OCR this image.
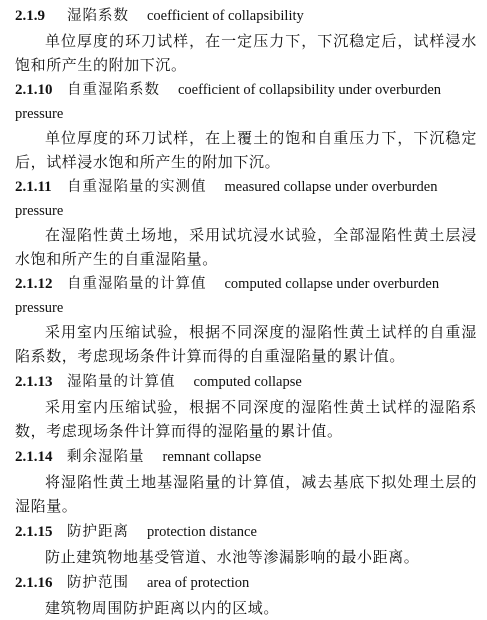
2.1.9 湿陷系数 coefficient of collapsibility

单位厚度的环刀试样，在一定压力下，下沉稳定后，试样浸水饱和所产生的附加下沉。

2.1.10 自重湿陷系数 coefficient of collapsibility under overburden pressure

单位厚度的环刀试样，在上覆土的饱和自重压力下，下沉稳定后，试样浸水饱和所产生的附加下沉。

2.1.11 自重湿陷量的实测值 measured collapse under overburden pressure

在湿陷性黄土场地，采用试坑浸水试验，全部湿陷性黄土层浸水饱和所产生的自重湿陷量。

2.1.12 自重湿陷量的计算值 computed collapse under overburden pressure

采用室内压缩试验，根据不同深度的湿陷性黄土试样的自重湿陷系数，考虑现场条件计算而得的自重湿陷量的累计值。

2.1.13 湿陷量的计算值 computed collapse

采用室内压缩试验，根据不同深度的湿陷性黄土试样的湿陷系数，考虑现场条件计算而得的湿陷量的累计值。

2.1.14 剩余湿陷量 remnant collapse

将湿陷性黄土地基湿陷量的计算值，减去基底下拟处理土层的湿陷量。

2.1.15 防护距离 protection distance

防止建筑物地基受管道、水池等渗漏影响的最小距离。

2.1.16 防护范围 area of protection

建筑物周围防护距离以内的区域。
